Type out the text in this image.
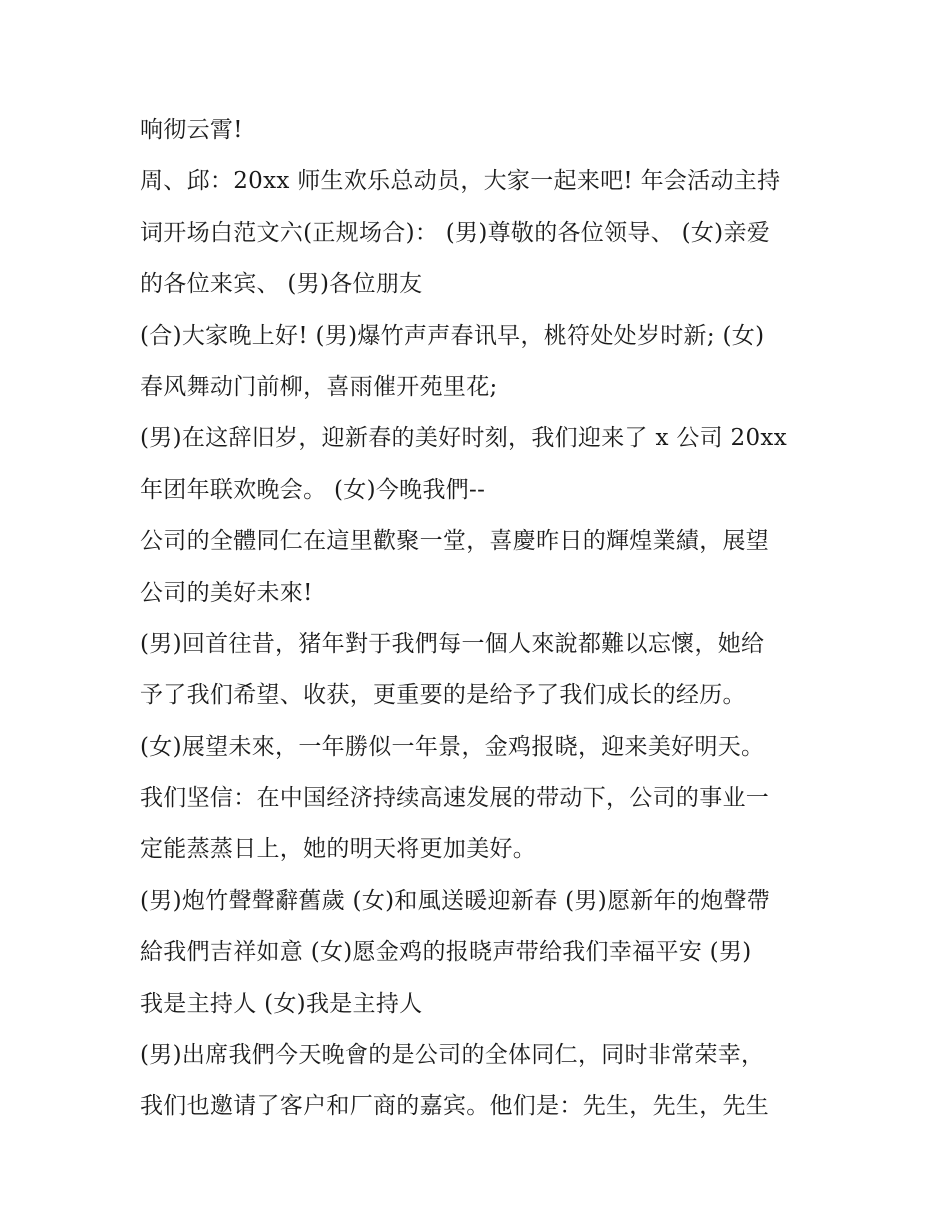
响彻云霄!
周、邱：20xx 师生欢乐总动员，大家一起来吧! 年会活动主持
词开场白范文六(正规场合)： (男)尊敬的各位领导、 (女)亲爱
的各位来宾、 (男)各位朋友
(合)大家晚上好! (男)爆竹声声春讯早，桃符处处岁时新; (女)
春风舞动门前柳，喜雨催开苑里花;
(男)在这辞旧岁，迎新春的美好时刻，我们迎来了 x 公司 20xx
年团年联欢晚会。 (女)今晚我們--
公司的全體同仁在這里歡聚一堂，喜慶昨日的輝煌業績，展望
公司的美好未來!
(男)回首往昔，猪年對于我們每一個人來說都難以忘懷，她给
予了我们希望、收获，更重要的是给予了我们成长的经历。
(女)展望未來，一年勝似一年景，金鸡报晓，迎来美好明天。
我们坚信：在中国经济持续高速发展的带动下，公司的事业一
定能蒸蒸日上，她的明天将更加美好。
(男)炮竹聲聲辭舊歲 (女)和風送暖迎新春 (男)愿新年的炮聲帶
給我們吉祥如意 (女)愿金鸡的报晓声带给我们幸福平安 (男)
我是主持人 (女)我是主持人
(男)出席我們今天晚會的是公司的全体同仁，同时非常荣幸，
我们也邀请了客户和厂商的嘉宾。他们是：先生，先生，先生
